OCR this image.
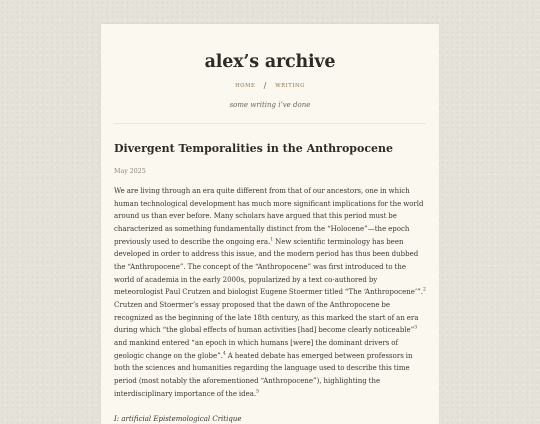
alex’s archive
HOME / WRITING
some writing i’ve done
Divergent Temporalities in the Anthropocene
May 2025

We are living through an era quite different from that of our ancestors, one in which human technological development has much more significant implications for the world around us than ever before. Many scholars have argued that this period must be characterized as something fundamentally distinct from the “Holocene”—the epoch previously used to describe the ongoing era.$^1$ New scientific terminology has been developed in order to address this issue, and the modern period has thus been dubbed the “Anthropocene”. The concept of the “Anthropocene” was first introduced to the world of academia in the early 2000s, popularized by a text co-authored by meteorologist Paul Crutzen and biologist Eugene Stoermer titled “The ‘Anthropocene’”.$^2$ Crutzen and Stoermer’s essay proposed that the dawn of the Anthropocene be recognized as the beginning of the late 18th century, as this marked the start of an era during which “the global effects of human activities [had] become clearly noticeable”$^3$ and mankind entered “an epoch in which humans [were] the dominant drivers of geologic change on the globe”.$^4$ A heated debate has emerged between professors in both the sciences and humanities regarding the language used to describe this time period (most notably the aforementioned “Anthropocene”), highlighting the interdisciplinary importance of the idea.$^5$

I: artificial Epistemological Critique
